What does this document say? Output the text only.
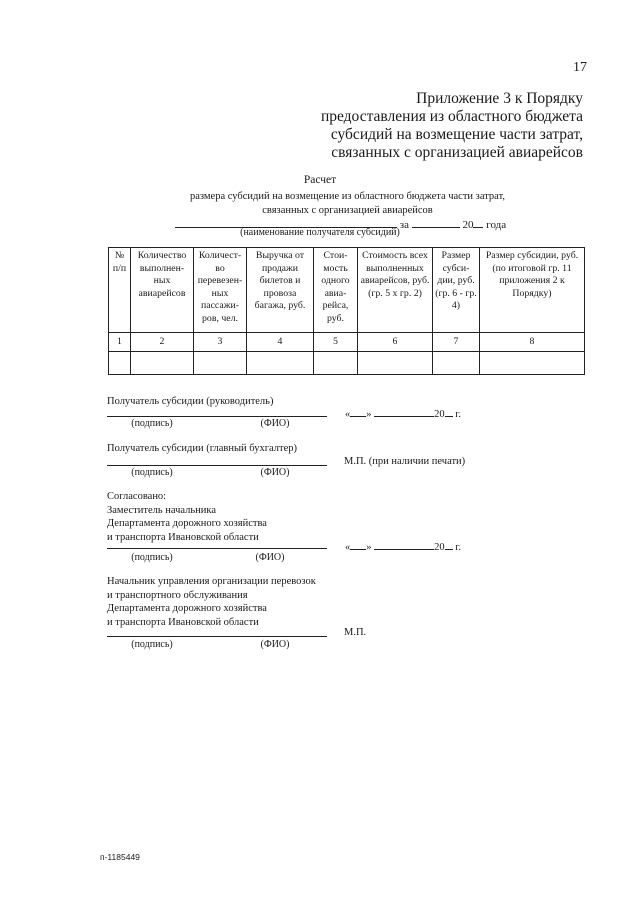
17
Приложение 3 к Порядку
предоставления из областного бюджета
субсидий на возмещение части затрат,
связанных с организацией авиарейсов
Расчет
размера субсидий на возмещение из областного бюджета части затрат,
связанных с организацией авиарейсов
за	20 года
(наименование получателя субсидий)
№ п/п	Количество выполнен-ных авиарейсов	Количест-во перевезен-ных пассажи-ров, чел.	Выручка от продажи билетов и провоза багажа, руб.	Стои-мость одного авиа-рейса, руб.	Стоимость всех выполненных авиарейсов, руб. (гр. 5 х гр. 2)	Размер субси-дии, руб. (гр. 6 - гр. 4)	Размер субсидии, руб. (по итоговой гр. 11 приложения 2 к Порядку)
1	2	3	4	5	6	7	8

Получатель субсидии (руководитель)
(подпись)	(ФИО)
« »	20 г.
Получатель субсидии (главный бухгалтер)
(подпись)	(ФИО)
М.П. (при наличии печати)
Согласовано:
Заместитель начальника
Департамента дорожного хозяйства
и транспорта Ивановской области
(подпись)	(ФИО)
« »	20 г.
Начальник управления организации перевозок
и транспортного обслуживания
Департамента дорожного хозяйства
и транспорта Ивановской области
(подпись)	(ФИО)
М.П.
п-1185449
